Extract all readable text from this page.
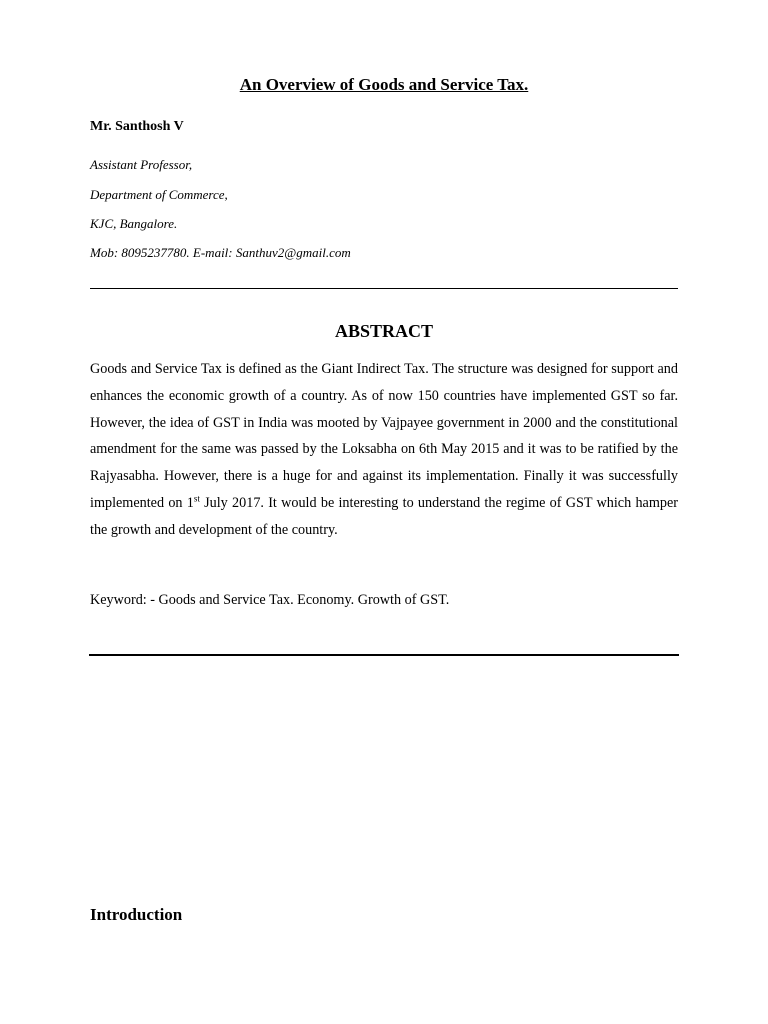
An Overview of Goods and Service Tax.
Mr. Santhosh V
Assistant Professor,
Department of Commerce,
KJC, Bangalore.
Mob: 8095237780. E-mail: Santhuv2@gmail.com
ABSTRACT

Goods and Service Tax is defined as the Giant Indirect Tax. The structure was designed for support and enhances the economic growth of a country. As of now 150 countries have implemented GST so far. However, the idea of GST in India was mooted by Vajpayee government in 2000 and the constitutional amendment for the same was passed by the Loksabha on 6th May 2015 and it was to be ratified by the Rajyasabha. However, there is a huge for and against its implementation. Finally it was successfully implemented on 1st July 2017. It would be interesting to understand the regime of GST which hamper the growth and development of the country.

Keyword: - Goods and Service Tax. Economy. Growth of GST.
Introduction
